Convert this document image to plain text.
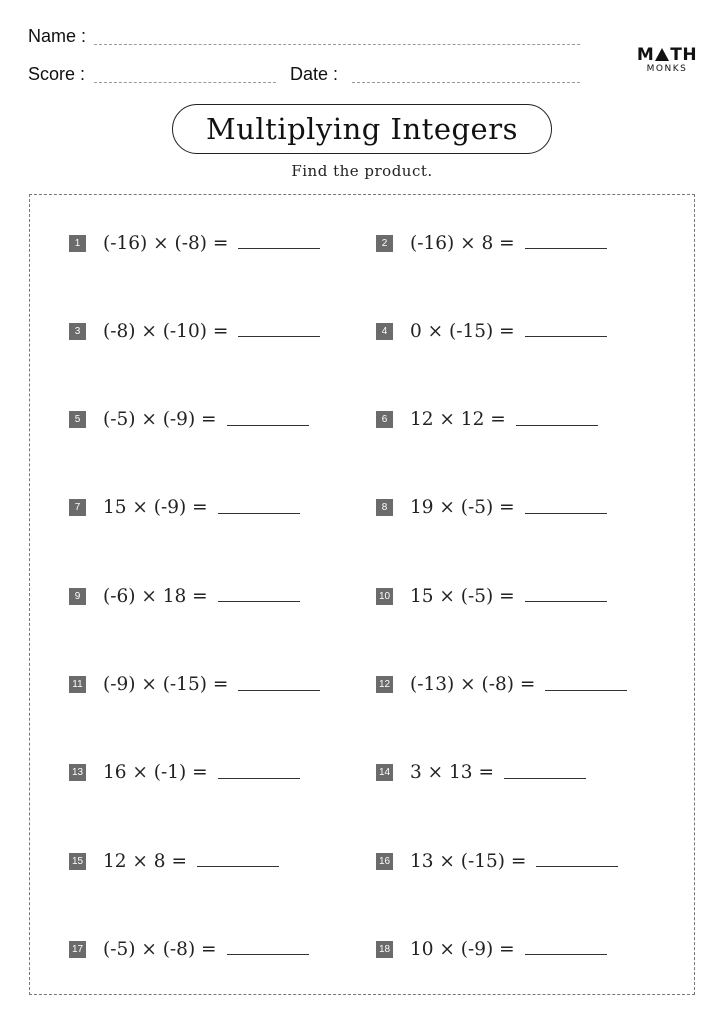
Name :
Score :	Date :
M TH
MONKS
Multiplying Integers
Find the product.
1	(-16) × (-8) =	2	(-16) × 8 =
3	(-8) × (-10) =	4	0 × (-15) =
5	(-5) × (-9) =	6	12 × 12 =
7	15 × (-9) =	8	19 × (-5) =
9	(-6) × 18 =	10 15 × (-5) =
11 (-9) × (-15) =	12 (-13) × (-8) =
13 16 × (-1) =	14 3 × 13 =
15 12 × 8 =	16 13 × (-15) =
17 (-5) × (-8) =	18 10 × (-9) =
